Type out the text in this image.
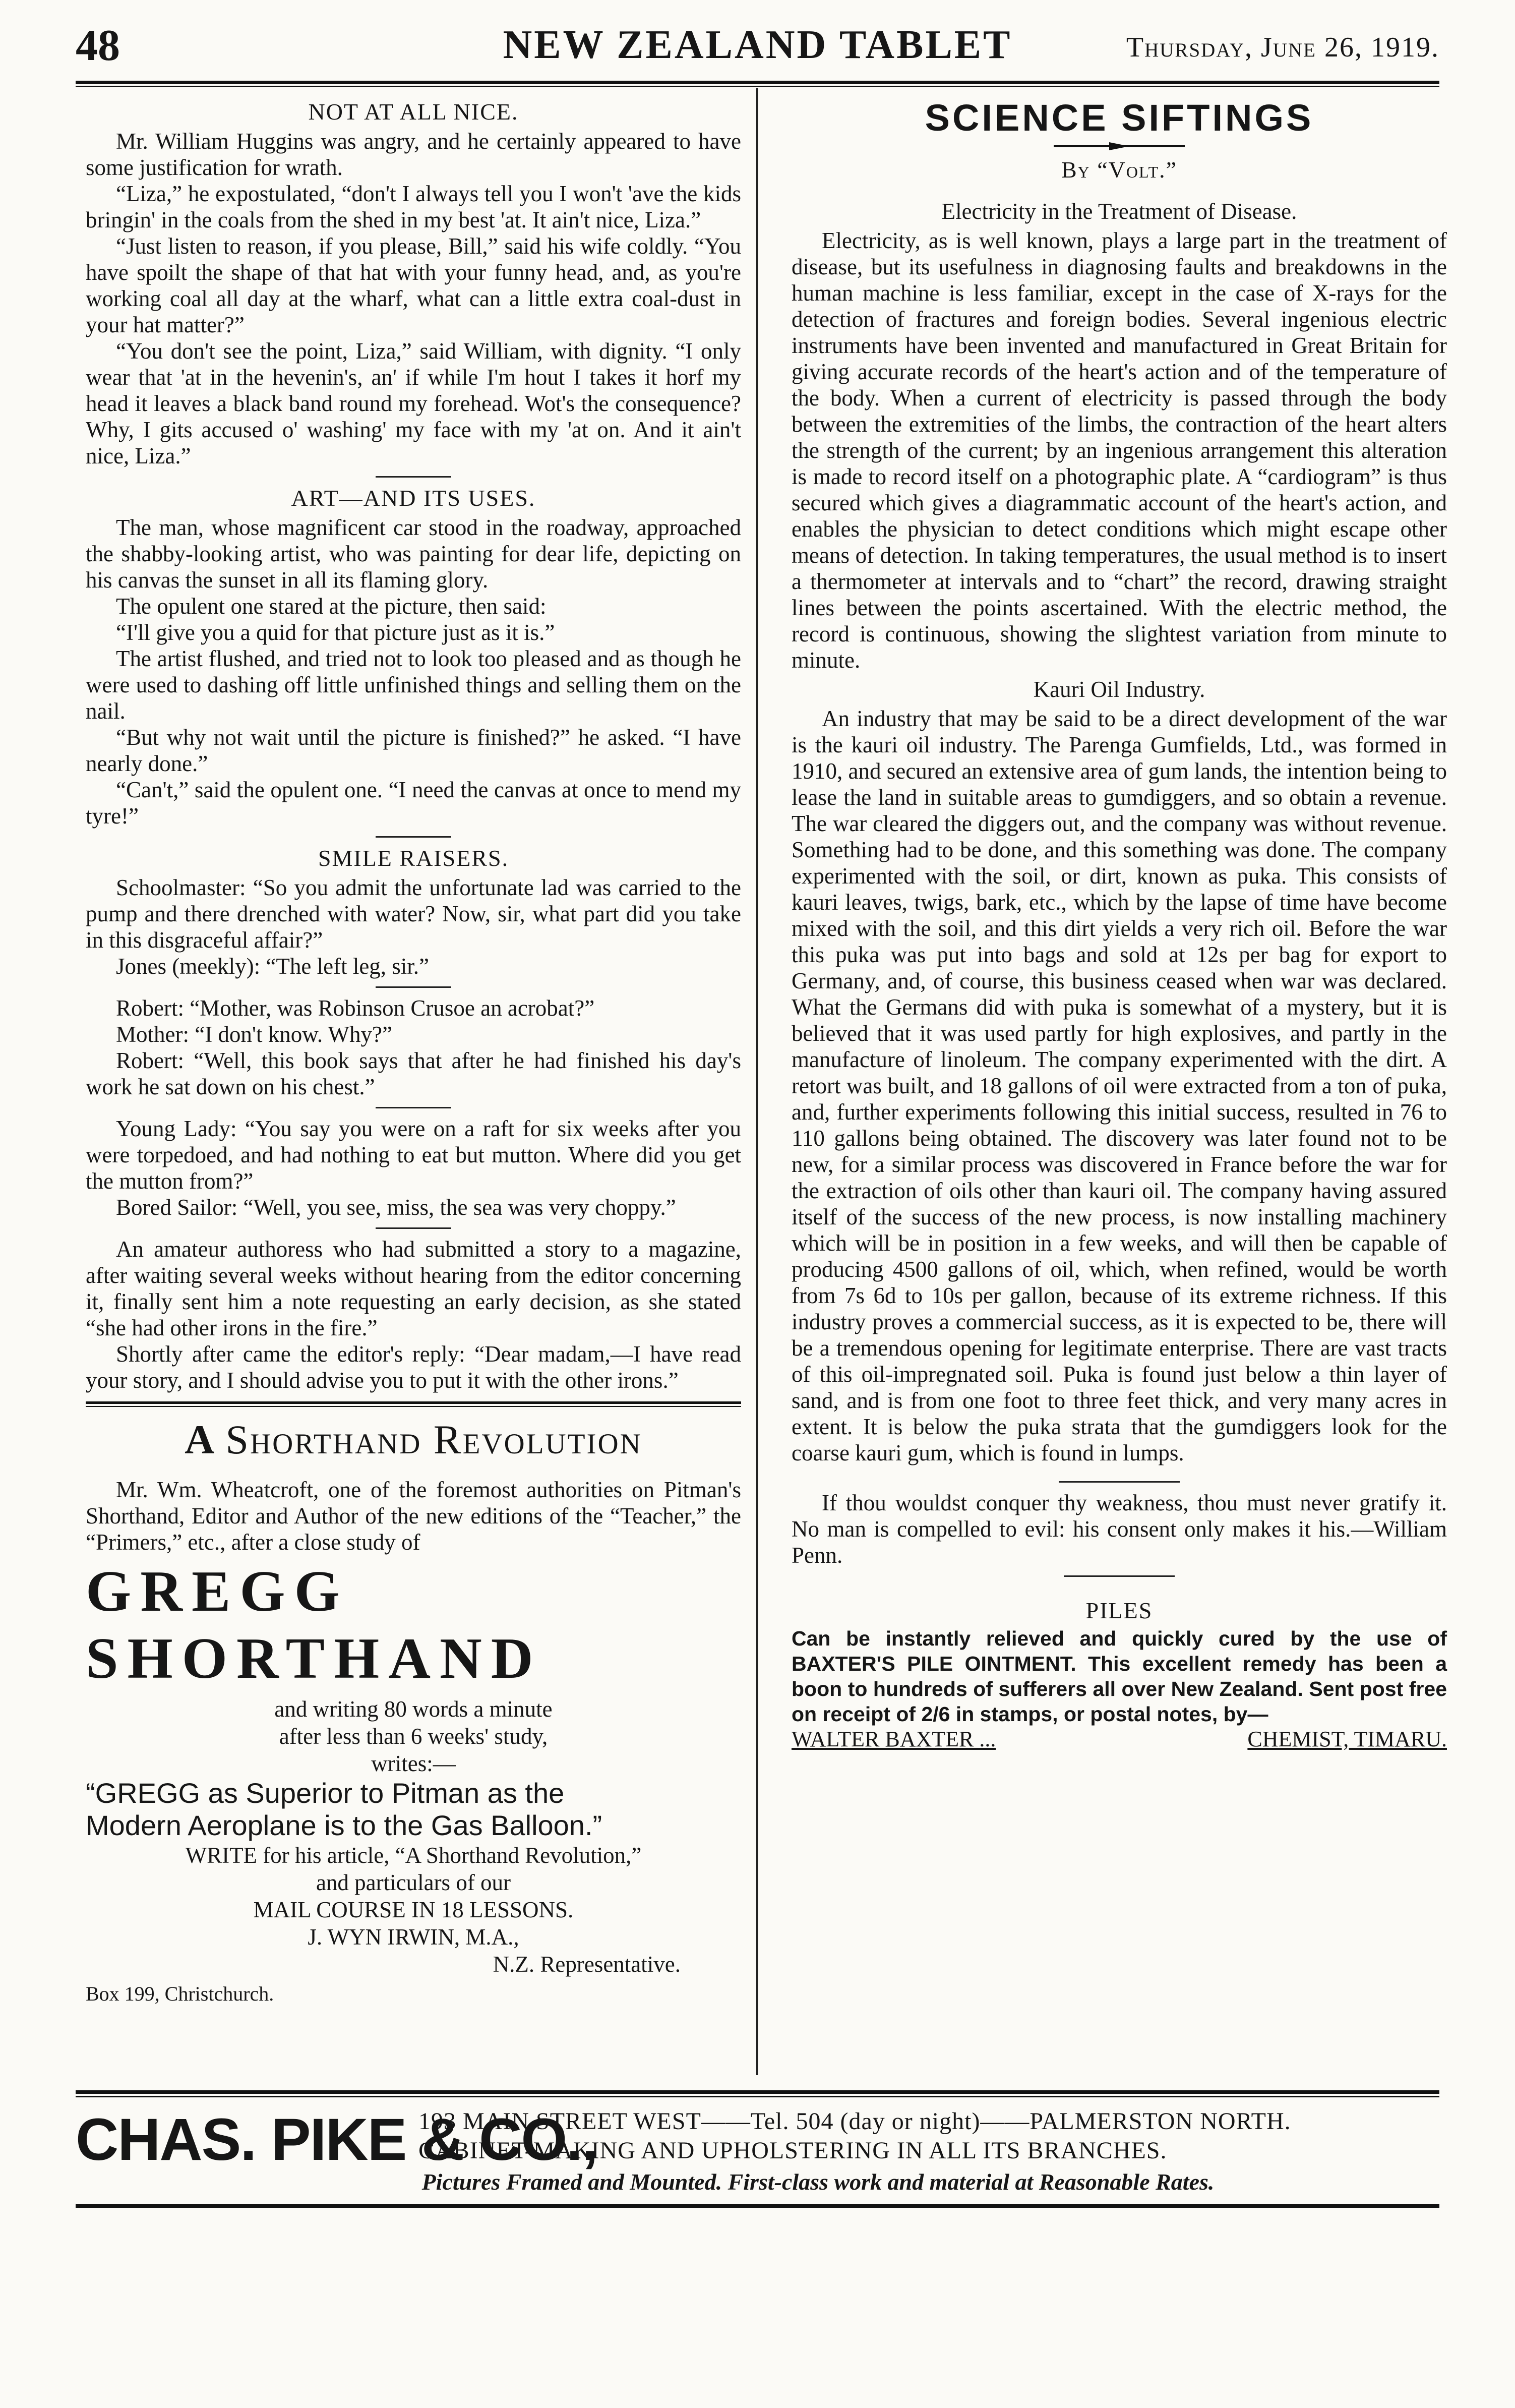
48	NEW ZEALAND TABLET	Thursday, June 26, 1919.
NOT AT ALL NICE.

Mr. William Huggins was angry, and he certainly appeared to have some justification for wrath.

“Liza,” he expostulated, “don't I always tell you I won't 'ave the kids bringin' in the coals from the shed in my best 'at. It ain't nice, Liza.”

“Just listen to reason, if you please, Bill,” said his wife coldly. “You have spoilt the shape of that hat with your funny head, and, as you're working coal all day at the wharf, what can a little extra coal-dust in your hat matter?”

“You don't see the point, Liza,” said William, with dignity. “I only wear that 'at in the hevenin's, an' if while I'm hout I takes it horf my head it leaves a black band round my forehead. Wot's the consequence? Why, I gits accused o' washing' my face with my 'at on. And it ain't nice, Liza.”

ART—AND ITS USES.

The man, whose magnificent car stood in the roadway, approached the shabby-looking artist, who was painting for dear life, depicting on his canvas the sunset in all its flaming glory.

The opulent one stared at the picture, then said:

“I'll give you a quid for that picture just as it is.”

The artist flushed, and tried not to look too pleased and as though he were used to dashing off little unfinished things and selling them on the nail.

“But why not wait until the picture is finished?” he asked. “I have nearly done.”

“Can't,” said the opulent one. “I need the canvas at once to mend my tyre!”

SMILE RAISERS.

Schoolmaster: “So you admit the unfortunate lad was carried to the pump and there drenched with water? Now, sir, what part did you take in this disgraceful affair?”

Jones (meekly): “The left leg, sir.”

Robert: “Mother, was Robinson Crusoe an acrobat?”

Mother: “I don't know. Why?”

Robert: “Well, this book says that after he had finished his day's work he sat down on his chest.”

Young Lady: “You say you were on a raft for six weeks after you were torpedoed, and had nothing to eat but mutton. Where did you get the mutton from?”

Bored Sailor: “Well, you see, miss, the sea was very choppy.”

An amateur authoress who had submitted a story to a magazine, after waiting several weeks without hearing from the editor concerning it, finally sent him a note requesting an early decision, as she stated “she had other irons in the fire.”

Shortly after came the editor's reply: “Dear madam,—I have read your story, and I should advise you to put it with the other irons.”

A Shorthand Revolution

Mr. Wm. Wheatcroft, one of the foremost authorities on Pitman's Shorthand, Editor and Author of the new editions of the “Teacher,” the “Primers,” etc., after a close study of

GREGG SHORTHAND
and writing 80 words a minute
after less than 6 weeks' study,
writes:—
“GREGG as Superior to Pitman as the
Modern Aeroplane is to the Gas Balloon.”
WRITE for his article, “A Shorthand Revolution,”
and particulars of our
MAIL COURSE IN 18 LESSONS.
J. WYN IRWIN, M.A.,
N.Z. Representative.
Box 199, Christchurch.
SCIENCE SIFTINGS
By “Volt.”
Electricity in the Treatment of Disease.

Electricity, as is well known, plays a large part in the treatment of disease, but its usefulness in diagnosing faults and breakdowns in the human machine is less familiar, except in the case of X-rays for the detection of fractures and foreign bodies. Several ingenious electric instruments have been invented and manufactured in Great Britain for giving accurate records of the heart's action and of the temperature of the body. When a current of electricity is passed through the body between the extremities of the limbs, the contraction of the heart alters the strength of the current; by an ingenious arrangement this alteration is made to record itself on a photographic plate. A “cardiogram” is thus secured which gives a diagrammatic account of the heart's action, and enables the physician to detect conditions which might escape other means of detection. In taking temperatures, the usual method is to insert a thermometer at intervals and to “chart” the record, drawing straight lines between the points ascertained. With the electric method, the record is continuous, showing the slightest variation from minute to minute.

Kauri Oil Industry.

An industry that may be said to be a direct development of the war is the kauri oil industry. The Parenga Gumfields, Ltd., was formed in 1910, and secured an extensive area of gum lands, the intention being to lease the land in suitable areas to gumdiggers, and so obtain a revenue. The war cleared the diggers out, and the company was without revenue. Something had to be done, and this something was done. The company experimented with the soil, or dirt, known as puka. This consists of kauri leaves, twigs, bark, etc., which by the lapse of time have become mixed with the soil, and this dirt yields a very rich oil. Before the war this puka was put into bags and sold at 12s per bag for export to Germany, and, of course, this business ceased when war was declared. What the Germans did with puka is somewhat of a mystery, but it is believed that it was used partly for high explosives, and partly in the manufacture of linoleum. The company experimented with the dirt. A retort was built, and 18 gallons of oil were extracted from a ton of puka, and, further experiments following this initial success, resulted in 76 to 110 gallons being obtained. The discovery was later found not to be new, for a similar process was discovered in France before the war for the extraction of oils other than kauri oil. The company having assured itself of the success of the new process, is now installing machinery which will be in position in a few weeks, and will then be capable of producing 4500 gallons of oil, which, when refined, would be worth from 7s 6d to 10s per gallon, because of its extreme richness. If this industry proves a commercial success, as it is expected to be, there will be a tremendous opening for legitimate enterprise. There are vast tracts of this oil-impregnated soil. Puka is found just below a thin layer of sand, and is from one foot to three feet thick, and very many acres in extent. It is below the puka strata that the gumdiggers look for the coarse kauri gum, which is found in lumps.

If thou wouldst conquer thy weakness, thou must never gratify it. No man is compelled to evil: his consent only makes it his.—William Penn.

PILES

Can be instantly relieved and quickly cured by the use of BAXTER'S PILE OINTMENT. This excellent remedy has been a boon to hundreds of sufferers all over New Zealand. Sent post free on receipt of 2/6 in stamps, or postal notes, by—

WALTER BAXTER ...	CHEMIST, TIMARU.

CHAS. PIKE & CO.,
193 MAIN STREET WEST——Tel. 504 (day or night)——PALMERSTON NORTH.
CABINET-MAKING AND UPHOLSTERING IN ALL ITS BRANCHES.
Pictures Framed and Mounted. First-class work and material at Reasonable Rates.
